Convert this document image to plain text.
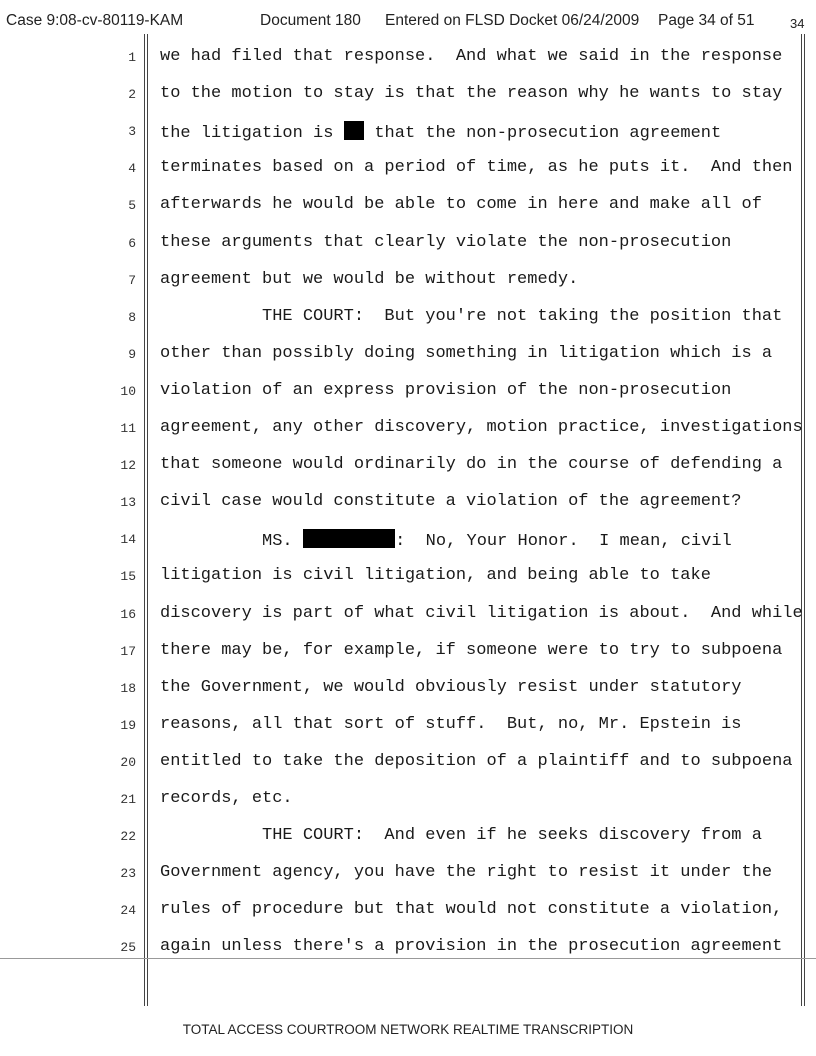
Case 9:08-cv-80119-KAM	Document 180 Entered on FLSD Docket 06/24/2009 Page 34 of 51	34
1 we had filed that response.  And what we said in the response
2 to the motion to stay is that the reason why he wants to stay
3 the litigation is  that the non-prosecution agreement
4 terminates based on a period of time, as he puts it.  And then
5 afterwards he would be able to come in here and make all of
6 these arguments that clearly violate the non-prosecution
7 agreement but we would be without remedy.
8 THE COURT:  But you're not taking the position that
9 other than possibly doing something in litigation which is a
10 violation of an express provision of the non-prosecution
11 agreement, any other discovery, motion practice, investigations
12 that someone would ordinarily do in the course of defending a
13 civil case would constitute a violation of the agreement?
14 MS.	:  No, Your Honor.  I mean, civil
15 litigation is civil litigation, and being able to take
16 discovery is part of what civil litigation is about.  And while
17 there may be, for example, if someone were to try to subpoena
18 the Government, we would obviously resist under statutory
19 reasons, all that sort of stuff.  But, no, Mr. Epstein is
20 entitled to take the deposition of a plaintiff and to subpoena
21 records, etc.
22 THE COURT:  And even if he seeks discovery from a
23 Government agency, you have the right to resist it under the
24 rules of procedure but that would not constitute a violation,
25 again unless there's a provision in the prosecution agreement
TOTAL ACCESS COURTROOM NETWORK REALTIME TRANSCRIPTION
